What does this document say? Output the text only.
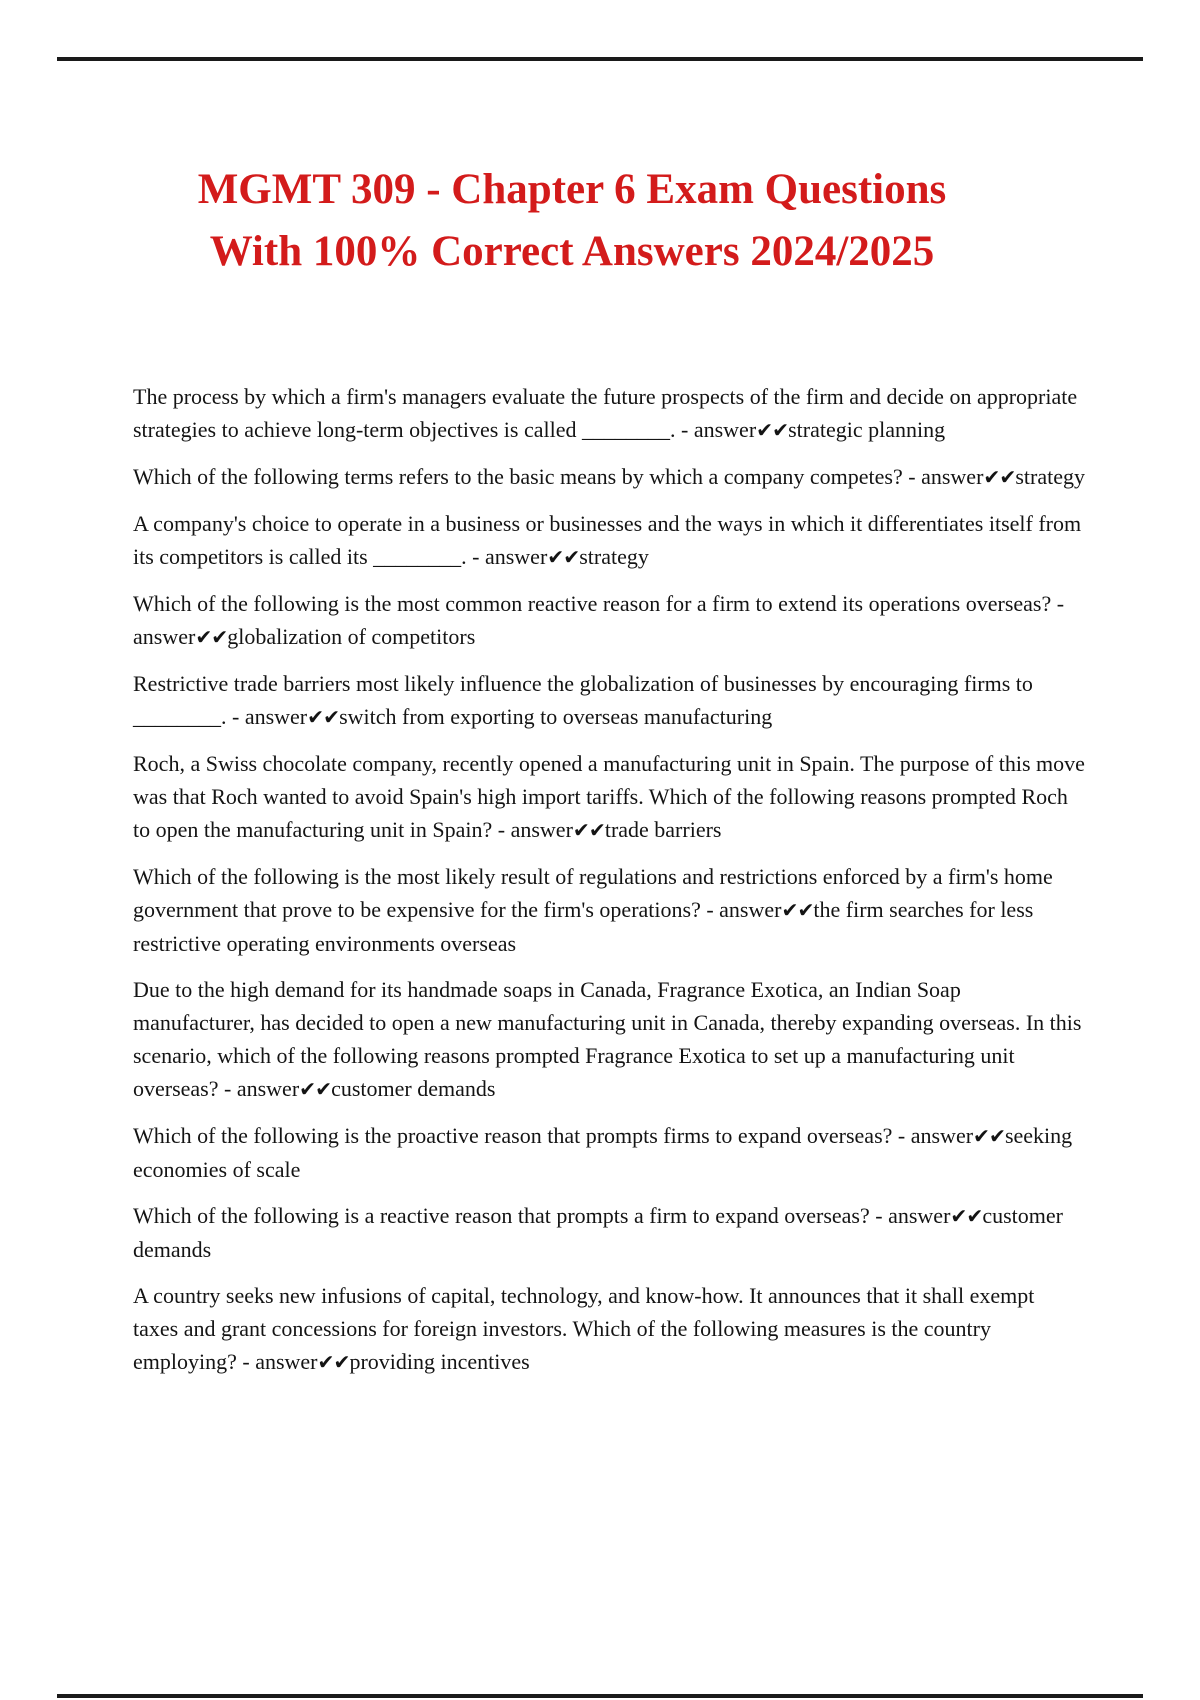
MGMT 309 - Chapter 6 Exam Questions
With 100% Correct Answers 2024/2025

The process by which a firm's managers evaluate the future prospects of the firm and decide on appropriate strategies to achieve long-term objectives is called ________. - answer✔✔strategic planning

Which of the following terms refers to the basic means by which a company competes? - answer✔✔strategy

A company's choice to operate in a business or businesses and the ways in which it differentiates itself from its competitors is called its ________. - answer✔✔strategy

Which of the following is the most common reactive reason for a firm to extend its operations overseas? - answer✔✔globalization of competitors

Restrictive trade barriers most likely influence the globalization of businesses by encouraging firms to ________. - answer✔✔switch from exporting to overseas manufacturing

Roch, a Swiss chocolate company, recently opened a manufacturing unit in Spain. The purpose of this move was that Roch wanted to avoid Spain's high import tariffs. Which of the following reasons prompted Roch to open the manufacturing unit in Spain? - answer✔✔trade barriers

Which of the following is the most likely result of regulations and restrictions enforced by a firm's home government that prove to be expensive for the firm's operations? - answer✔✔the firm searches for less restrictive operating environments overseas

Due to the high demand for its handmade soaps in Canada, Fragrance Exotica, an Indian Soap manufacturer, has decided to open a new manufacturing unit in Canada, thereby expanding overseas. In this scenario, which of the following reasons prompted Fragrance Exotica to set up a manufacturing unit overseas? - answer✔✔customer demands

Which of the following is the proactive reason that prompts firms to expand overseas? - answer✔✔seeking economies of scale

Which of the following is a reactive reason that prompts a firm to expand overseas? - answer✔✔customer demands

A country seeks new infusions of capital, technology, and know-how. It announces that it shall exempt taxes and grant concessions for foreign investors. Which of the following measures is the country employing? - answer✔✔providing incentives
